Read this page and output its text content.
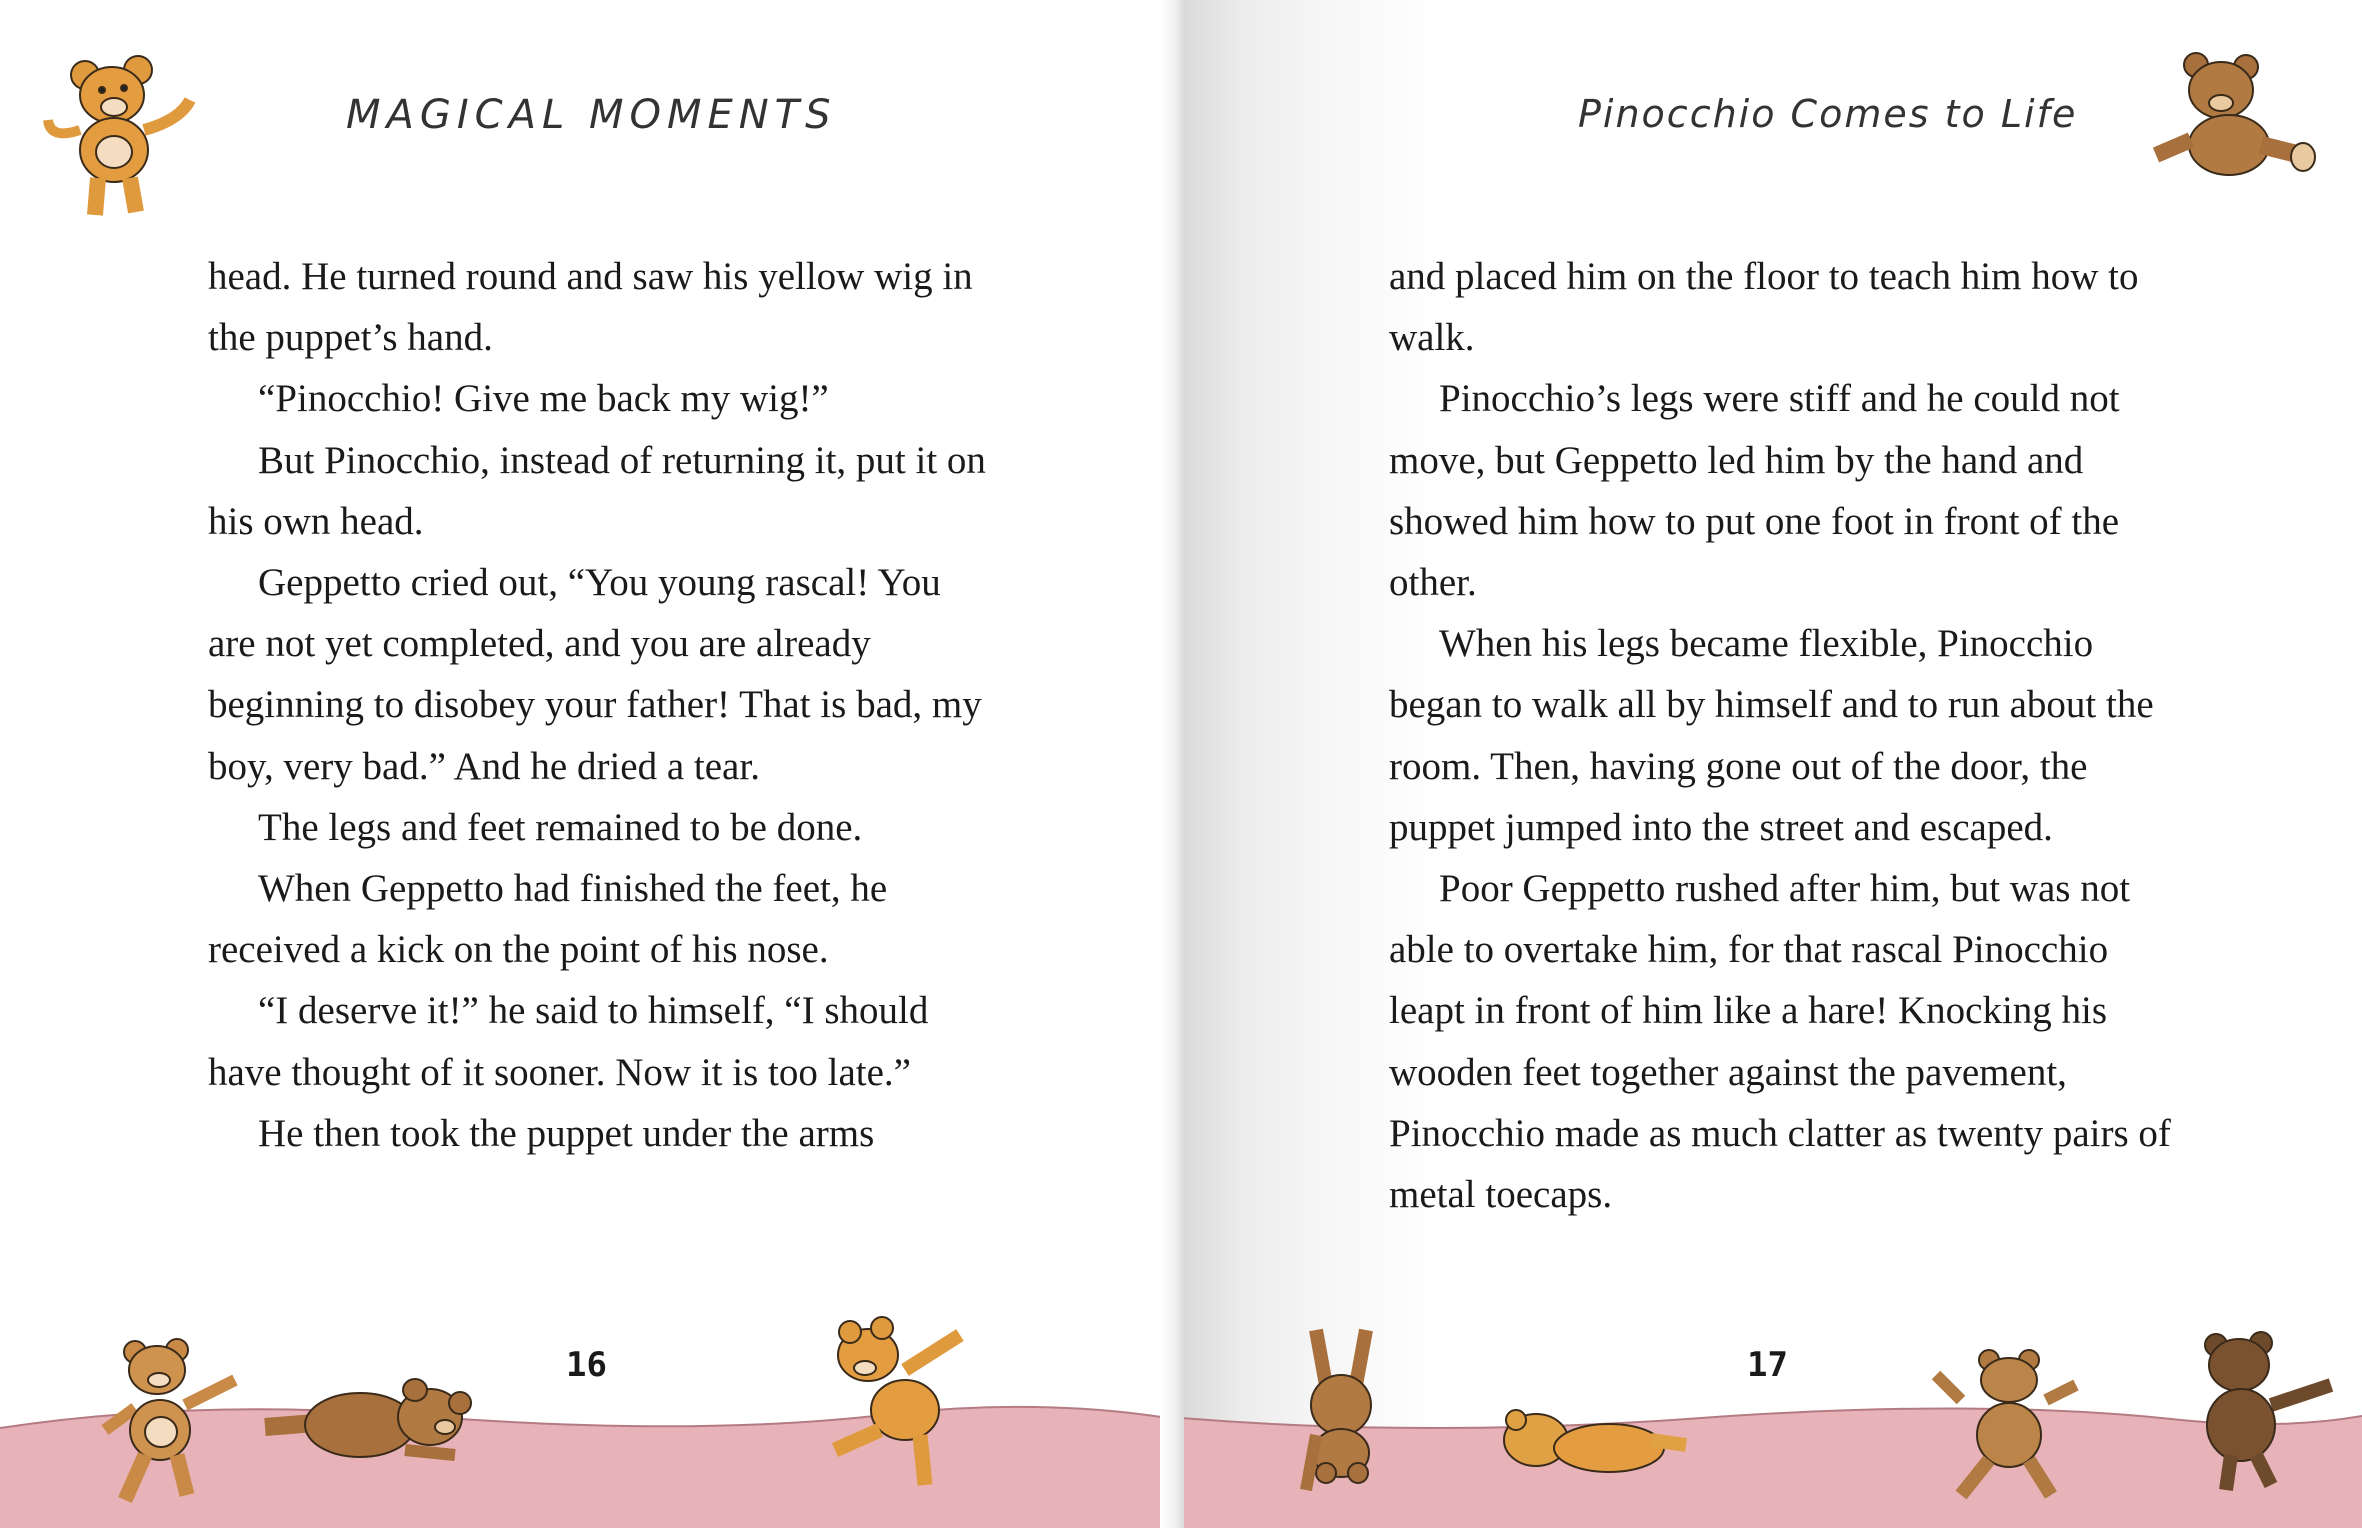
MAGICAL MOMENTS

head. He turned round and saw his yellow wig in the puppet’s hand.

“Pinocchio! Give me back my wig!”

But Pinocchio, instead of returning it, put it on his own head.

Geppetto cried out, “You young rascal! You are not yet completed, and you are already beginning to disobey your father! That is bad, my boy, very bad.” And he dried a tear.

The legs and feet remained to be done.

When Geppetto had finished the feet, he received a kick on the point of his nose.

“I deserve it!” he said to himself, “I should have thought of it sooner. Now it is too late.”

He then took the puppet under the arms

16

Pinocchio Comes to Life

and placed him on the floor to teach him how to walk.

Pinocchio’s legs were stiff and he could not move, but Geppetto led him by the hand and showed him how to put one foot in front of the other.

When his legs became flexible, Pinocchio began to walk all by himself and to run about the room. Then, having gone out of the door, the puppet jumped into the street and escaped.

Poor Geppetto rushed after him, but was not able to overtake him, for that rascal Pinocchio leapt in front of him like a hare! Knocking his wooden feet together against the pavement, Pinocchio made as much clatter as twenty pairs of metal toecaps.

17
